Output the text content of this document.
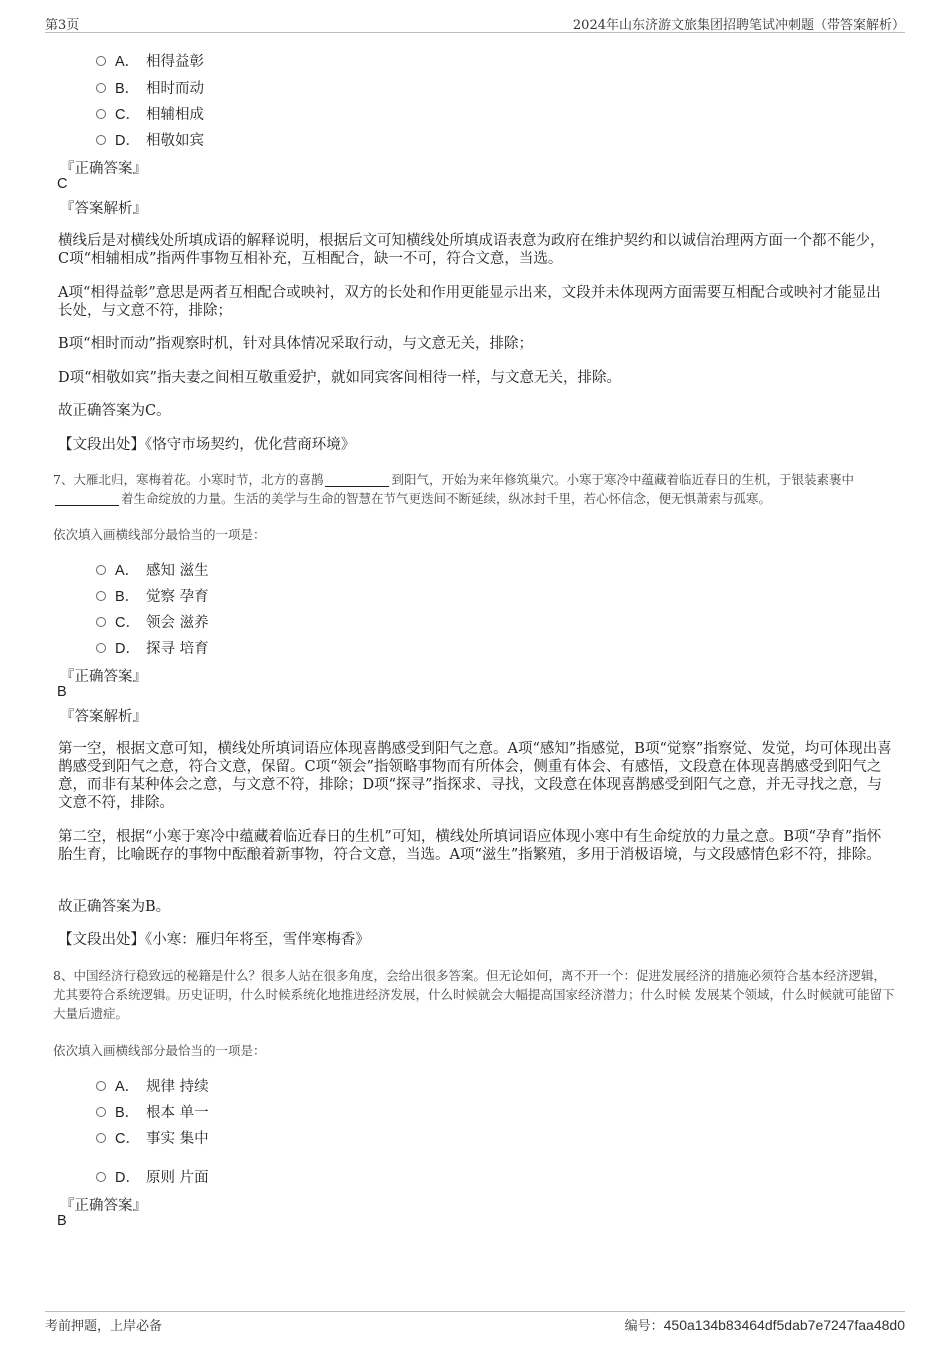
第3页	2024年山东济游文旅集团招聘笔试冲刺题（带答案解析）
A． 相得益彰
B． 相时而动
C． 相辅相成
D． 相敬如宾
『正确答案』
C
『答案解析』
横线后是对横线处所填成语的解释说明，根据后文可知横线处所填成语表意为政府在维护契约和以诚信治理两方面一个都不能少，C项“相辅相成”指两件事物互相补充，互相配合，缺一不可，符合文意，当选。
A项“相得益彰”意思是两者互相配合或映衬，双方的长处和作用更能显示出来，文段并未体现两方面需要互相配合或映衬才能显出长处，与文意不符，排除；
B项“相时而动”指观察时机，针对具体情况采取行动，与文意无关，排除；
D项“相敬如宾”指夫妻之间相互敬重爱护，就如同宾客间相待一样，与文意无关，排除。
故正确答案为C。
【文段出处】《恪守市场契约，优化营商环境》
7、大雁北归，寒梅着花。小寒时节，北方的喜鹊	到阳气，开始为来年修筑巢穴。小寒于寒冷中蕴藏着临近春日的生机，于银装素裹中着生命绽放的力量。生活的美学与生命的智慧在节气更迭间不断延续，纵冰封千里，若心怀信念，便无惧萧索与孤寒。
依次填入画横线部分最恰当的一项是：
A． 感知 滋生
B． 觉察 孕育
C． 领会 滋养
D． 探寻 培育
『正确答案』
B
『答案解析』
第一空，根据文意可知，横线处所填词语应体现喜鹊感受到阳气之意。A项“感知”指感觉，B项“觉察”指察觉、发觉，均可体现出喜鹊感受到阳气之意，符合文意，保留。C项“领会”指领略事物而有所体会，侧重有体会、有感悟，文段意在体现喜鹊感受到阳气之意，而非有某种体会之意，与文意不符，排除；D项“探寻”指探求、寻找，文段意在体现喜鹊感受到阳气之意，并无寻找之意，与文意不符，排除。
第二空，根据“小寒于寒冷中蕴藏着临近春日的生机”可知，横线处所填词语应体现小寒中有生命绽放的力量之意。B项“孕育”指怀胎生育，比喻既存的事物中酝酿着新事物，符合文意，当选。A项“滋生”指繁殖，多用于消极语境，与文段感情色彩不符，排除。
故正确答案为B。
【文段出处】《小寒：雁归年将至，雪伴寒梅香》
8、中国经济行稳致远的秘籍是什么？很多人站在很多角度，会给出很多答案。但无论如何，离不开一个：促进发展经济的措施必须符合基本经济逻辑，尤其要符合系统逻辑。历史证明，什么时候系统化地推进经济发展，什么时候就会大幅提高国家经济潜力；什么时候 发展某个领域，什么时候就可能留下大量后遗症。
依次填入画横线部分最恰当的一项是：
A． 规律 持续
B． 根本 单一
C． 事实 集中
D． 原则 片面
『正确答案』
B
考前押题，上岸必备	编号：450a134b83464df5dab7e7247faa48d0
